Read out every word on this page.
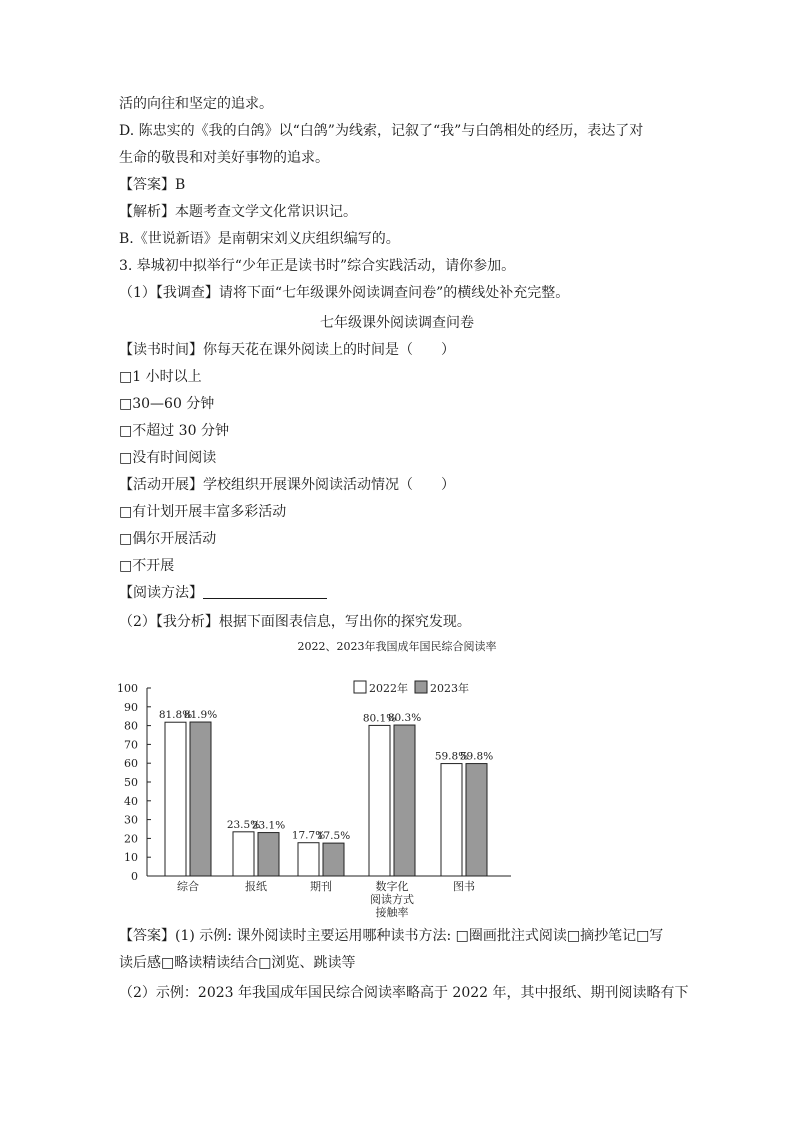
活的向往和坚定的追求。
D. 陈忠实的《我的白鸽》以“白鸽”为线索，记叙了“我”与白鸽相处的经历，表达了对
生命的敬畏和对美好事物的追求。
【答案】B
【解析】本题考查文学文化常识识记。
B.《世说新语》是南朝宋刘义庆组织编写的。
3. 皋城初中拟举行“少年正是读书时”综合实践活动，请你参加。
（1）【我调查】请将下面“七年级课外阅读调查问卷”的横线处补充完整。
七年级课外阅读调查问卷
【读书时间】你每天花在课外阅读上的时间是（　　）
□1 小时以上
□30—60 分钟
□不超过 30 分钟
□没有时间阅读
【活动开展】学校组织开展课外阅读活动情况（　　）
□有计划开展丰富多彩活动
□偶尔开展活动
□不开展
【阅读方法】
（2）【我分析】根据下面图表信息，写出你的探究发现。
2022、2023年我国成年国民综合阅读率
0
10
20
30
40
50
60
70
80
90
100
81.8%
81.9%
综合
23.5%
23.1%
报纸
17.7%
17.5%
期刊
80.1%
80.3%
数字化
阅读方式
接触率
59.8%
59.8%
图书
2022年 2023年
【答案】(1) 示例: 课外阅读时主要运用哪种读书方法: □圈画批注式阅读□摘抄笔记□写
读后感□略读精读结合□浏览、跳读等
（2）示例：2023 年我国成年国民综合阅读率略高于 2022 年，其中报纸、期刊阅读略有下
